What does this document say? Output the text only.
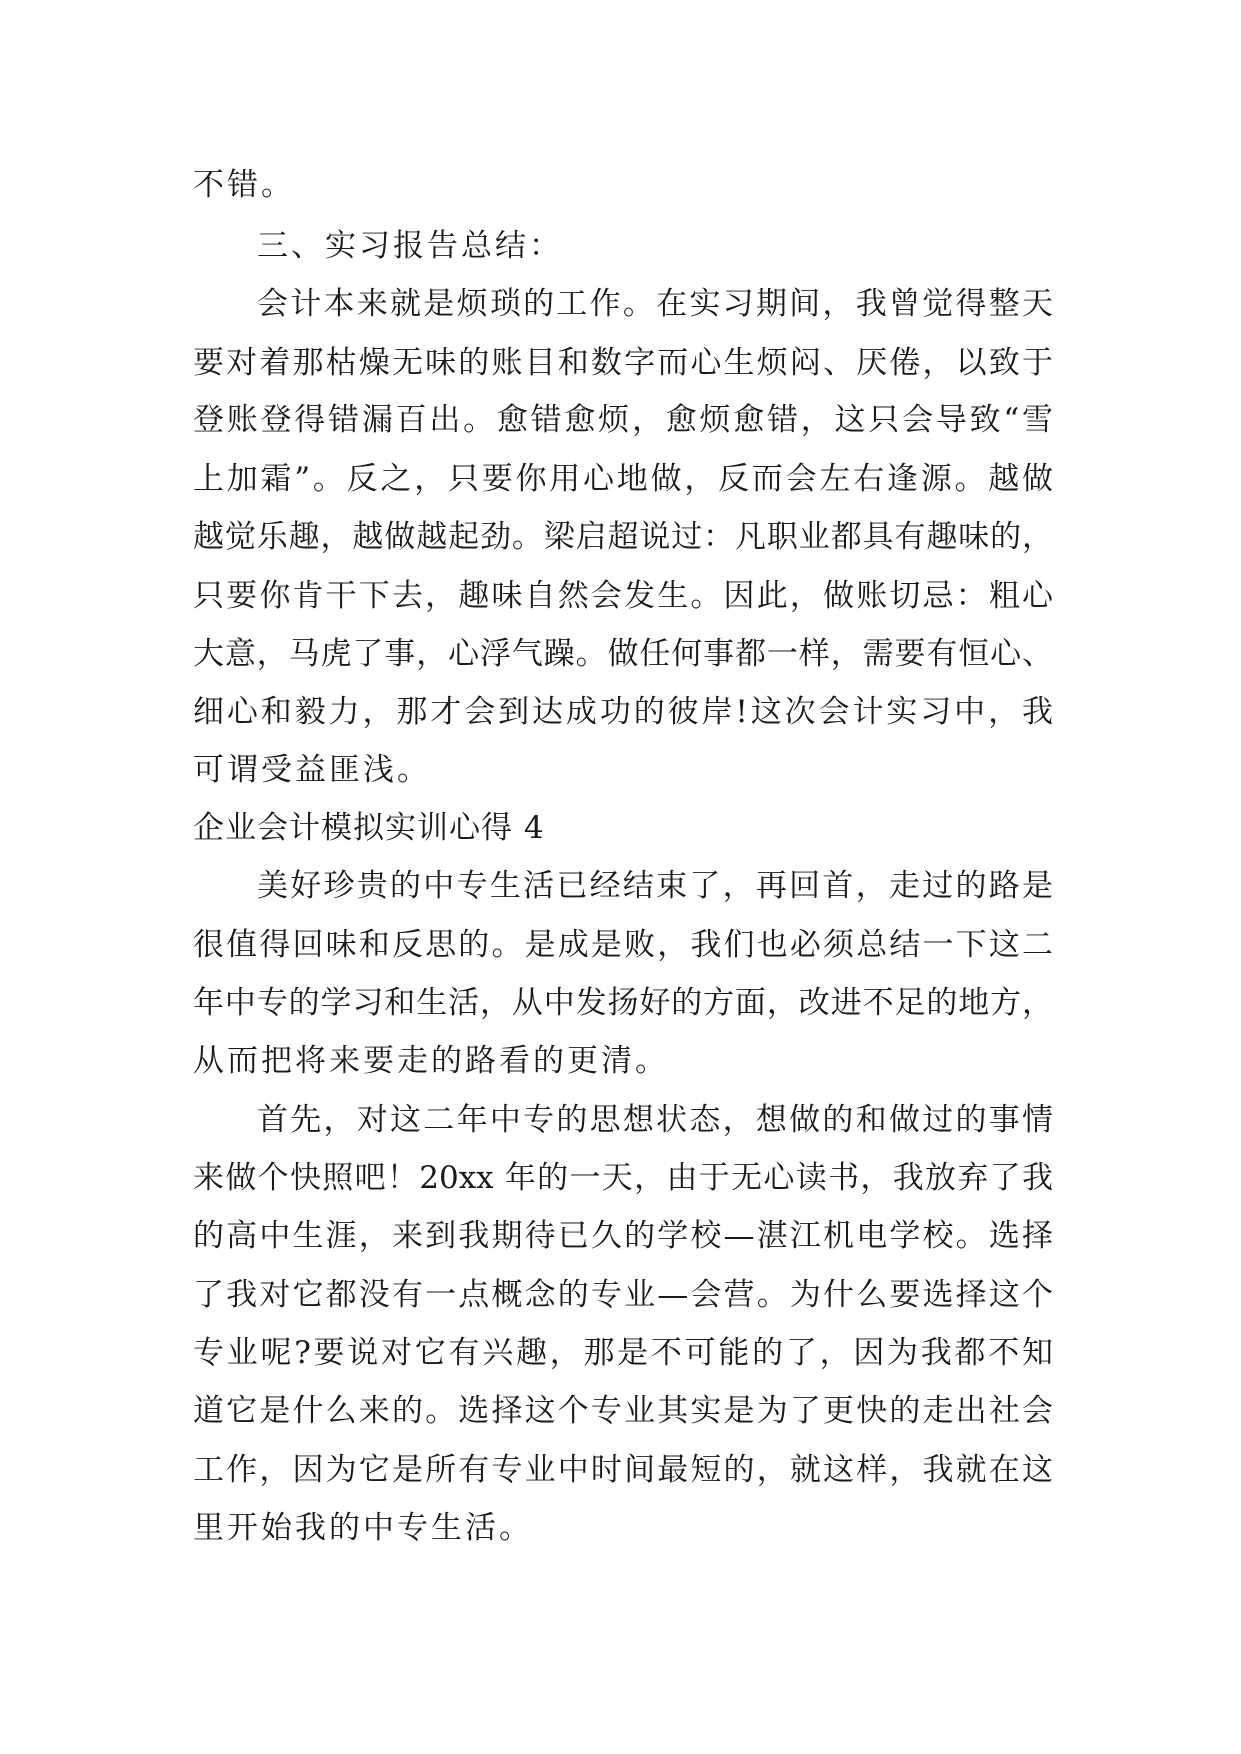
不错。
三、实习报告总结：
会计本来就是烦琐的工作。在实习期间，我曾觉得整天
要对着那枯燥无味的账目和数字而心生烦闷、厌倦，以致于
登账登得错漏百出。愈错愈烦，愈烦愈错，这只会导致“雪
上加霜”。反之，只要你用心地做，反而会左右逢源。越做
越觉乐趣，越做越起劲。梁启超说过：凡职业都具有趣味的，
只要你肯干下去，趣味自然会发生。因此，做账切忌：粗心
大意，马虎了事，心浮气躁。做任何事都一样，需要有恒心、
细心和毅力，那才会到达成功的彼岸!这次会计实习中，我
可谓受益匪浅。
企业会计模拟实训心得 4
美好珍贵的中专生活已经结束了，再回首，走过的路是
很值得回味和反思的。是成是败，我们也必须总结一下这二
年中专的学习和生活，从中发扬好的方面，改进不足的地方，
从而把将来要走的路看的更清。
首先，对这二年中专的思想状态，想做的和做过的事情
来做个快照吧！20xx 年的一天，由于无心读书，我放弃了我
的高中生涯，来到我期待已久的学校—湛江机电学校。选择
了我对它都没有一点概念的专业—会营。为什么要选择这个
专业呢?要说对它有兴趣，那是不可能的了，因为我都不知
道它是什么来的。选择这个专业其实是为了更快的走出社会
工作，因为它是所有专业中时间最短的，就这样，我就在这
里开始我的中专生活。
